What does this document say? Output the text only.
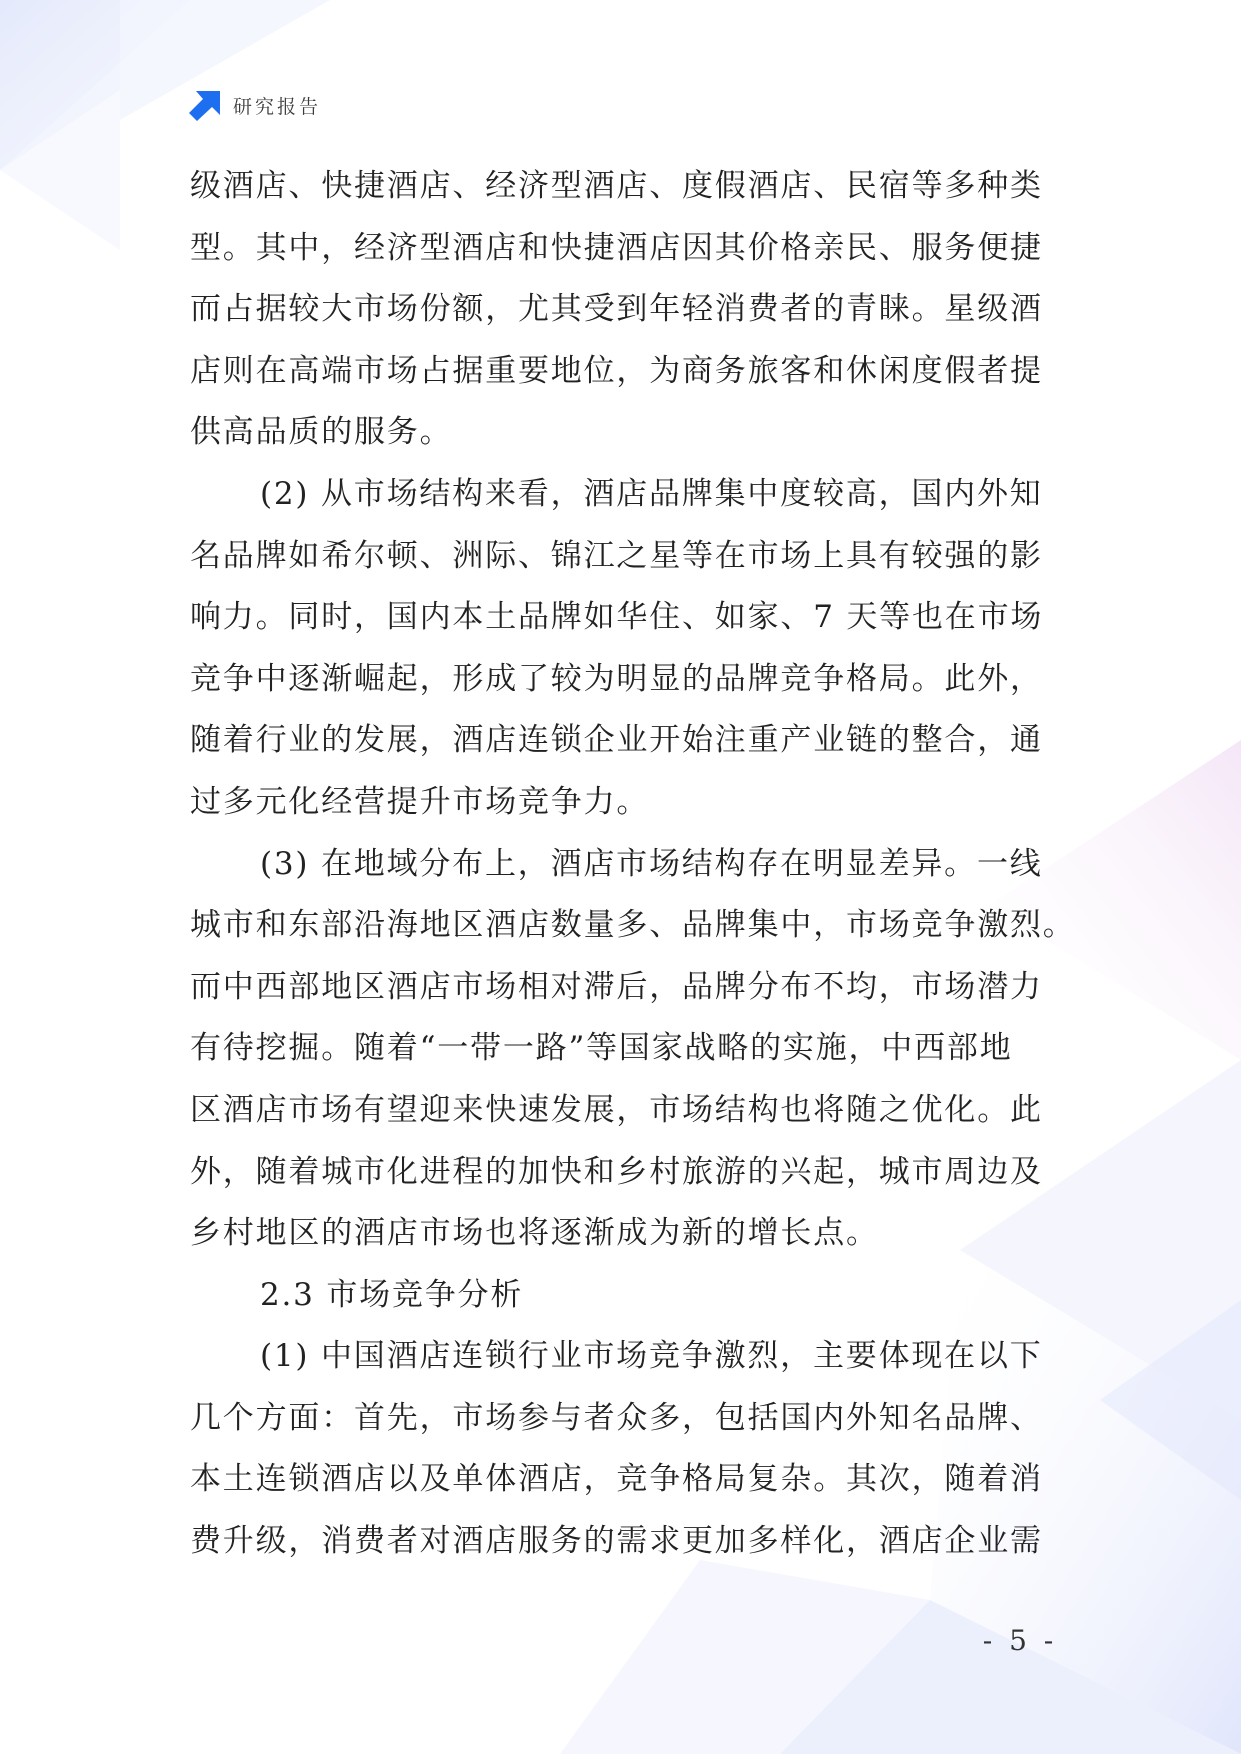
研究报告
级酒店、快捷酒店、经济型酒店、度假酒店、民宿等多种类
型。其中，经济型酒店和快捷酒店因其价格亲民、服务便捷
而占据较大市场份额，尤其受到年轻消费者的青睐。星级酒
店则在高端市场占据重要地位，为商务旅客和休闲度假者提
供高品质的服务。
(2) 从市场结构来看，酒店品牌集中度较高，国内外知
名品牌如希尔顿、洲际、锦江之星等在市场上具有较强的影
响力。同时，国内本土品牌如华住、如家、7 天等也在市场
竞争中逐渐崛起，形成了较为明显的品牌竞争格局。此外，
随着行业的发展，酒店连锁企业开始注重产业链的整合，通
过多元化经营提升市场竞争力。
(3) 在地域分布上，酒店市场结构存在明显差异。一线
城市和东部沿海地区酒店数量多、品牌集中，市场竞争激烈。
而中西部地区酒店市场相对滞后，品牌分布不均，市场潜力
有待挖掘。随着“一带一路”等国家战略的实施，中西部地
区酒店市场有望迎来快速发展，市场结构也将随之优化。此
外，随着城市化进程的加快和乡村旅游的兴起，城市周边及
乡村地区的酒店市场也将逐渐成为新的增长点。
2.3 市场竞争分析
(1) 中国酒店连锁行业市场竞争激烈，主要体现在以下
几个方面：首先，市场参与者众多，包括国内外知名品牌、
本土连锁酒店以及单体酒店，竞争格局复杂。其次，随着消
费升级，消费者对酒店服务的需求更加多样化，酒店企业需
- 5 -
